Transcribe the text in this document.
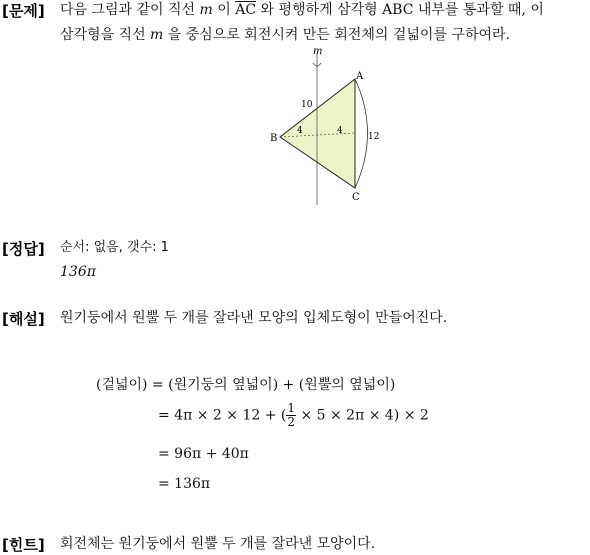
[문제] 다음 그림과 같이 직선 m 이 $\overline{AC}$ 와 평행하게 삼각형 ABC 내부를 통과할 때, 이
삼각형을 직선 m 을 중심으로 회전시켜 만든 회전체의 겉넓이를 구하여라.
m
A
B
C
10
12
4	4
[정답] 순서: 없음, 갯수: 1
136π
[해설] 원기둥에서 원뿔 두 개를 잘라낸 모양의 입체도형이 만들어진다.
(겉넓이) = (원기둥의 옆넓이) + (원뿔의 옆넓이)
= 4π × 2 × 12 + ( $\frac{1}{2} \times 5 \times 2\pi \times 4) \times 2$
= 96π + 40π
= 136π
[힌트] 회전체는 원기둥에서 원뿔 두 개를 잘라낸 모양이다.
